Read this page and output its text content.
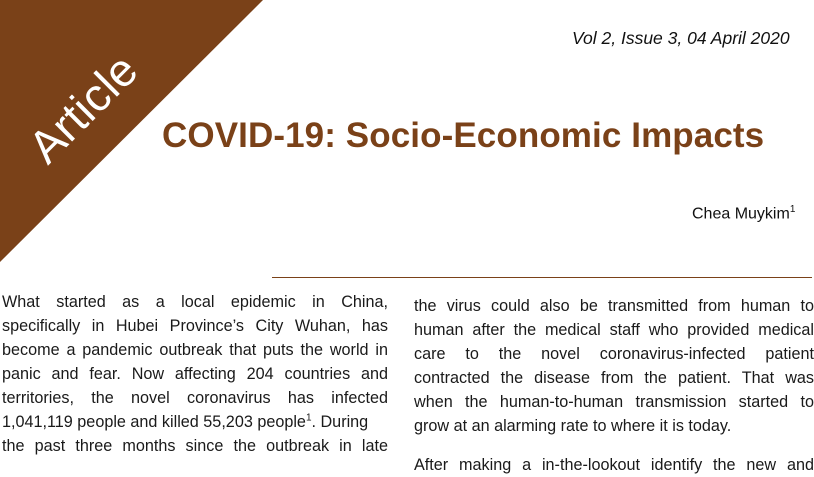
Article
Vol 2, Issue 3, 04 April 2020
COVID-19: Socio-Economic Impacts
Chea Muykim$^1$

What started as a local epidemic in China,
specifically in Hubei Province’s City Wuhan, has
become a pandemic outbreak that puts the world in
panic and fear. Now affecting 204 countries and
territories, the novel coronavirus has infected
1,041,119 people and killed 55,203 people$^1$. During
the past three months since the outbreak in late

the virus could also be transmitted from human to
human after the medical staff who provided medical
care to the novel coronavirus-infected patient
contracted the disease from the patient. That was
when the human-to-human transmission started to
grow at an alarming rate to where it is today.

After making a in-the-lookout identify the new and
